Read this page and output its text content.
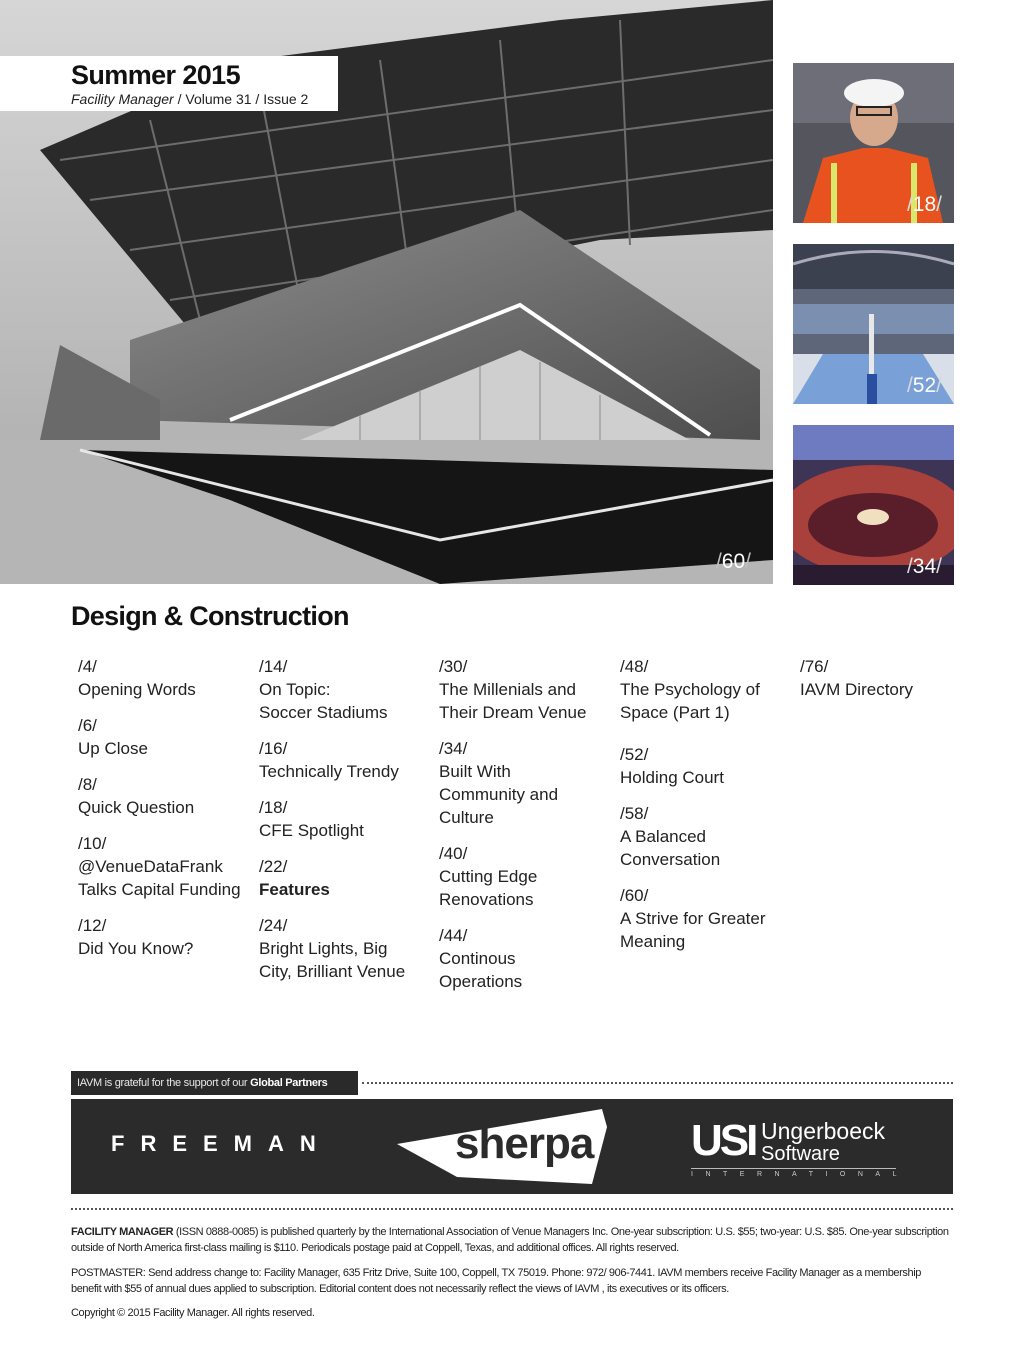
/60/
Summer 2015
Facility Manager / Volume 31 / Issue 2
/18/
/52/
/34/
Design & Construction
/4/
Opening Words
/6/
Up Close
/8/
Quick Question
/10/
@VenueDataFrank
Talks Capital Funding
/12/
Did You Know?
/14/
On Topic:
Soccer Stadiums
/16/
Technically Trendy
/18/
CFE Spotlight
/22/
Features
/24/
Bright Lights, Big
City, Brilliant Venue
/30/
The Millenials and
Their Dream Venue
/34/
Built With
Community and
Culture
/40/
Cutting Edge
Renovations
/44/
Continous
Operations
/48/
The Psychology of
Space (Part 1)
/52/
Holding Court
/58/
A Balanced
Conversation
/60/
A Strive for Greater
Meaning
/76/
IAVM Directory
IAVM is grateful for the support of our Global Partners
FREEMAN	sherpa USI Ungerboeck
Software
INTERNATIONAL

FACILITY MANAGER (ISSN 0888-0085) is published quarterly by the International Association of Venue Managers Inc. One-year subscription: U.S. $55; two-year: U.S. $85. One-year subscription outside of North America first-class mailing is $110. Periodicals postage paid at Coppell, Texas, and additional offices. All rights reserved.

POSTMASTER: Send address change to: Facility Manager, 635 Fritz Drive, Suite 100, Coppell, TX 75019. Phone: 972/ 906-7441. IAVM members receive Facility Manager as a membership benefit with $55 of annual dues applied to subscription. Editorial content does not necessarily reflect the views of IAVM , its executives or its officers.

Copyright © 2015 Facility Manager. All rights reserved.
